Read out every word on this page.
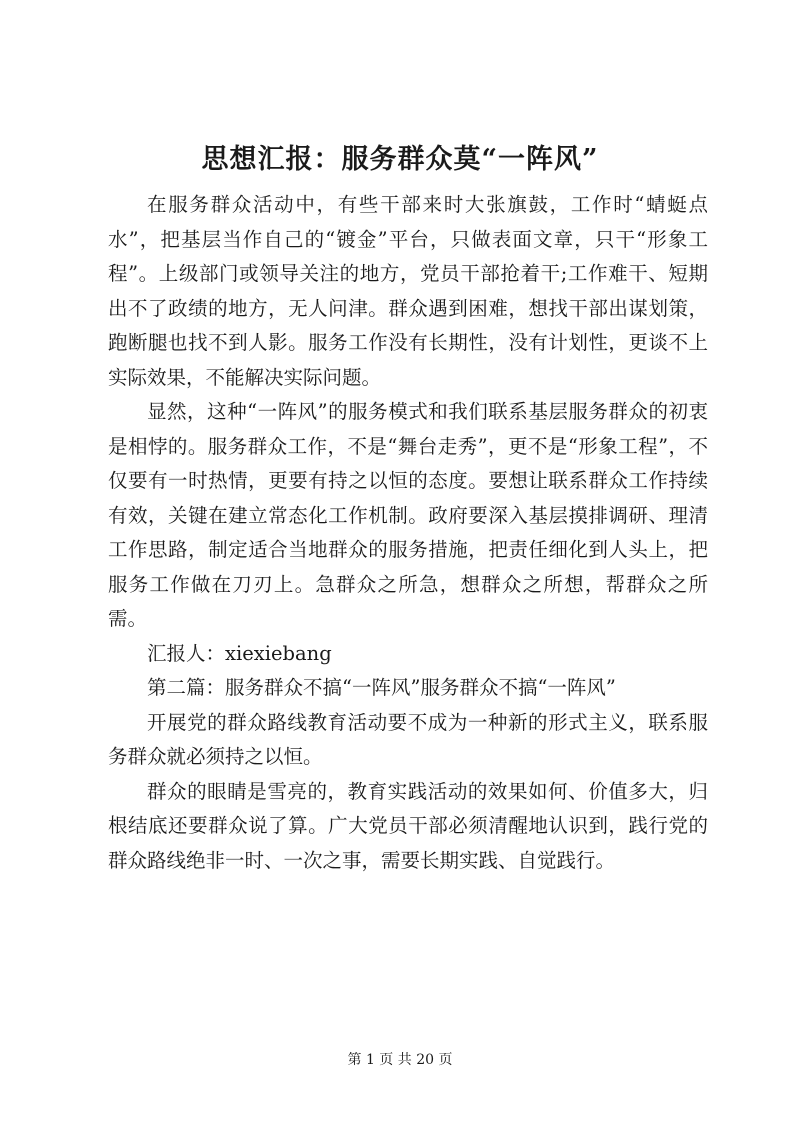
思想汇报：服务群众莫“一阵风”

在服务群众活动中，有些干部来时大张旗鼓，工作时“蜻蜓点水”，把基层当作自己的“镀金”平台，只做表面文章，只干“形象工程”。上级部门或领导关注的地方，党员干部抢着干;工作难干、短期出不了政绩的地方，无人问津。群众遇到困难，想找干部出谋划策，跑断腿也找不到人影。服务工作没有长期性，没有计划性，更谈不上实际效果，不能解决实际问题。

显然，这种“一阵风”的服务模式和我们联系基层服务群众的初衷是相悖的。服务群众工作，不是“舞台走秀”，更不是“形象工程”，不仅要有一时热情，更要有持之以恒的态度。要想让联系群众工作持续有效，关键在建立常态化工作机制。政府要深入基层摸排调研、理清工作思路，制定适合当地群众的服务措施，把责任细化到人头上，把服务工作做在刀刃上。急群众之所急，想群众之所想，帮群众之所需。

汇报人：xiexiebang

第二篇：服务群众不搞“一阵风”服务群众不搞“一阵风”

开展党的群众路线教育活动要不成为一种新的形式主义，联系服务群众就必须持之以恒。

群众的眼睛是雪亮的，教育实践活动的效果如何、价值多大，归根结底还要群众说了算。广大党员干部必须清醒地认识到，践行党的群众路线绝非一时、一次之事，需要长期实践、自觉践行。

第 1 页 共 20 页
